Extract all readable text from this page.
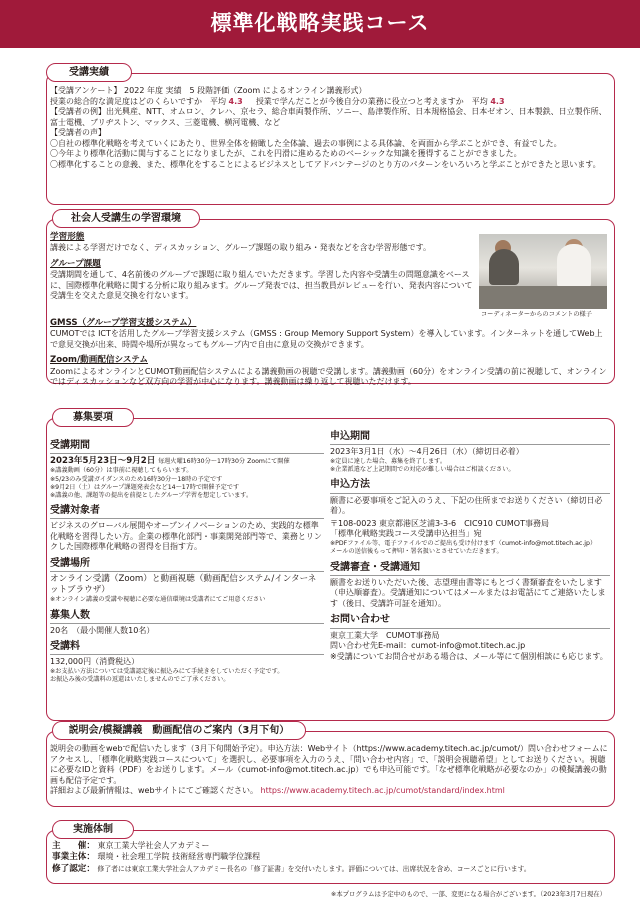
標準化戦略実践コース
受講実績
【受講アンケート】 2022 年度 実績　5 段階評価（Zoom によるオンライン講義形式）
授業の総合的な満足度はどのくらいですか　平均 4.3 　 授業で学んだことが今後自分の業務に役立つと考えますか　平均 4.3
【受講者の例】出光興産、NTT、オムロン、クレハ、京セラ、総合車両製作所、ソニー、島津製作所、日本規格協会、日本ゼオン、日本製鉄、日立製作所、富士電機、ブリヂストン、マックス、三菱電機、横河電機、など
【受講者の声】
〇自社の標準化戦略を考えていくにあたり、世界全体を俯瞰した全体論、過去の事例による具体論、を両面から学ぶことができ、有益でした。
〇今年より標準化活動に関与することになりましたが、これを円滑に進めるためのベーシックな知識を獲得することができました。
〇標準化することの意義、また、標準化をすることによるビジネスとしてアドバンテージのとり方のパターンをいろいろと学ぶことができたと思います。
社会人受講生の学習環境
学習形態
講義による学習だけでなく、ディスカッション、グループ課題の取り組み・発表などを含む学習形態です。
グループ課題
受講期間を通して、4名前後のグループで課題に取り組んでいただきます。学習した内容や受講生の問題意識をベースに、国際標準化戦略に関する分析に取り組みます。グループ発表では、担当教員がレビューを行い、発表内容について受講生を交えた意見交換を行ないます。
GMSS（グループ学習支援システム）
CUMOTでは ICTを活用したグループ学習支援システム（GMSS : Group Memory Support System）を導入しています。インターネットを通してWeb上で意見交換が出来、時間や場所が異なってもグループ内で自由に意見の交換ができます。
Zoom/動画配信システム
ZoomによるオンラインとCUMOT動画配信システムによる講義動画の視聴で受講します。講義動画（60分）をオンライン受講の前に視聴して、オンラインではディスカッションなど双方向の学習が中心になります。講義動画は繰り返して視聴いただけます。
コーディネーターからのコメントの様子
募集要項
受講期間
2023年5月23日～9月2日 毎週火曜16時30分～17時30分 Zoomにて開催
※講義動画（60分）は事前に視聴してもらいます。
※5/23のみ受講ガイダンスのため16時30分～18時の予定です
※9月2日（土）はグループ課題発表会など14～17時で開催予定です
※講義の他、課題等の提出を前提としたグループ学習を想定しています。
受講対象者
ビジネスのグローバル展開やオープンイノベーションのため、実践的な標準化戦略を習得したい方。企業の標準化部門・事業開発部門等で、業務とリンクした国際標準化戦略の習得を目指す方。
受講場所
オンライン受講（Zoom）と動画視聴（動画配信システム/インターネットブラウザ）
※オンライン講義の受講や視聴に必要な通信環境は受講者にてご用意ください
募集人数
20名　（最小開催人数10名）
受講料
132,000円（消費税込）
※お支払い方法については受講認定後に振込みにて手続きをしていただく予定です。
お振込み後の受講料の返還はいたしませんのでご了承ください。
申込期間
2023年3月1日（水）～4月26日（水）（締切日必着）
※定員に達した場合、募集を終了します。
※企業派遣など上記期間での対応が難しい場合はご相談ください。
申込方法
願書に必要事項をご記入のうえ、下記の住所までお送りください（締切日必着）。
〒108-0023 東京都港区芝浦3-3-6　CIC910 CUMOT事務局
「標準化戦略実践コース受講申込担当」宛
※PDFファイル等、電子ファイルでのご提出も受け付けます（cumot-info@mot.titech.ac.jp）
メールの送信後もって押印・署名扱いとさせていただきます。
受講審査・受講通知
願書をお送りいただいた後、志望理由書等にもとづく書類審査をいたします（申込順審査）。受講通知についてはメールまたはお電話にてご連絡いたします（後日、受講許可証を通知）。
お問い合わせ
東京工業大学　CUMOT事務局
問い合わせ先E-mail：cumot-info@mot.titech.ac.jp
※受講についてお問合せがある場合は、メール等にて個別相談にも応じます。
説明会/模擬講義　動画配信のご案内（3月下旬）
説明会の動画をwebで配信いたします（3月下旬開始予定）。申込方法：Webサイト（https://www.academy.titech.ac.jp/cumot/）問い合わせフォームにアクセスし、「標準化戦略実践コースについて」を選択し、必要事項を入力のうえ、「問い合わせ内容」で、「説明会視聴希望」としてお送りください。視聴に必要なIDと資料（PDF）をお送りします。メール（cumot-info@mot.titech.ac.jp）でも申込可能です。「なぜ標準化戦略が必要なのか」の模擬講義の動画も配信予定です。
詳細および最新情報は、webサイトにてご確認ください。 https://www.academy.titech.ac.jp/cumot/standard/index.html
実施体制
主　　催： 東京工業大学社会人アカデミー
事業主体： 環境・社会理工学院 技術経営専門職学位課程
修了認定： 修了者には東京工業大学社会人アカデミー長名の「修了証書」を交付いたします。評価については、出席状況を含め、コースごとに行います。
※本プログラムは予定中のもので、一部、変更になる場合がございます。（2023年3月7日現在）
